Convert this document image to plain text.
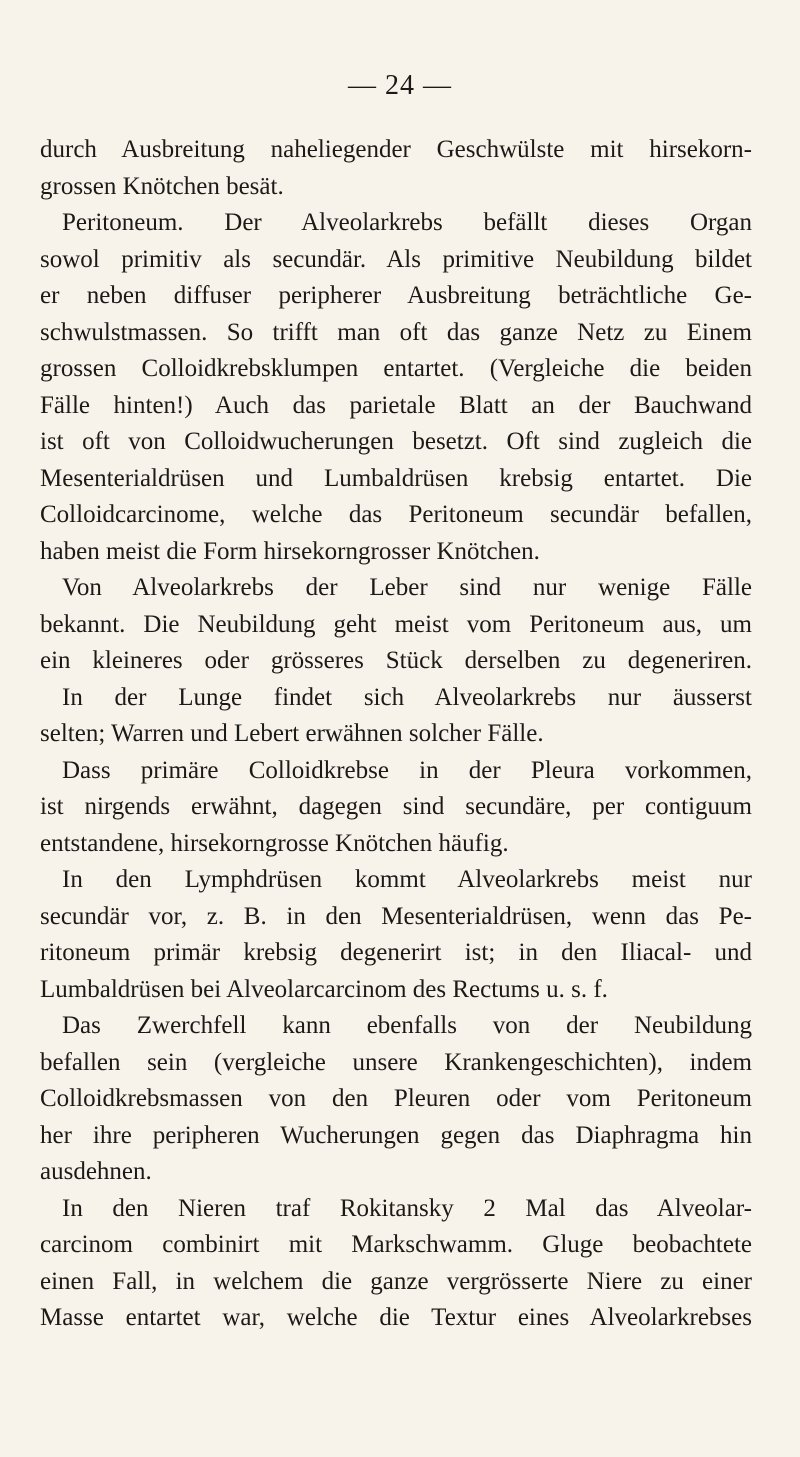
— 24 —
durch Ausbreitung naheliegender Geschwülste mit hirsekorn-
grossen Knötchen besät.
Peritoneum. Der Alveolarkrebs befällt dieses Organ
sowol primitiv als secundär. Als primitive Neubildung bildet
er neben diffuser peripherer Ausbreitung beträchtliche Ge-
schwulstmassen. So trifft man oft das ganze Netz zu Einem
grossen Colloidkrebsklumpen entartet. (Vergleiche die beiden
Fälle hinten!) Auch das parietale Blatt an der Bauchwand
ist oft von Colloidwucherungen besetzt. Oft sind zugleich die
Mesenterialdrüsen und Lumbaldrüsen krebsig entartet. Die
Colloidcarcinome, welche das Peritoneum secundär befallen,
haben meist die Form hirsekorngrosser Knötchen.
Von Alveolarkrebs der Leber sind nur wenige Fälle
bekannt. Die Neubildung geht meist vom Peritoneum aus, um
ein kleineres oder grösseres Stück derselben zu degeneriren.
In der Lunge findet sich Alveolarkrebs nur äusserst
selten; Warren und Lebert erwähnen solcher Fälle.
Dass primäre Colloidkrebse in der Pleura vorkommen,
ist nirgends erwähnt, dagegen sind secundäre, per contiguum
entstandene, hirsekorngrosse Knötchen häufig.
In den Lymphdrüsen kommt Alveolarkrebs meist nur
secundär vor, z. B. in den Mesenterialdrüsen, wenn das Pe-
ritoneum primär krebsig degenerirt ist; in den Iliacal- und
Lumbaldrüsen bei Alveolarcarcinom des Rectums u. s. f.
Das Zwerchfell kann ebenfalls von der Neubildung
befallen sein (vergleiche unsere Krankengeschichten), indem
Colloidkrebsmassen von den Pleuren oder vom Peritoneum
her ihre peripheren Wucherungen gegen das Diaphragma hin
ausdehnen.
In den Nieren traf Rokitansky 2 Mal das Alveolar-
carcinom combinirt mit Markschwamm. Gluge beobachtete
einen Fall, in welchem die ganze vergrösserte Niere zu einer
Masse entartet war, welche die Textur eines Alveolarkrebses
